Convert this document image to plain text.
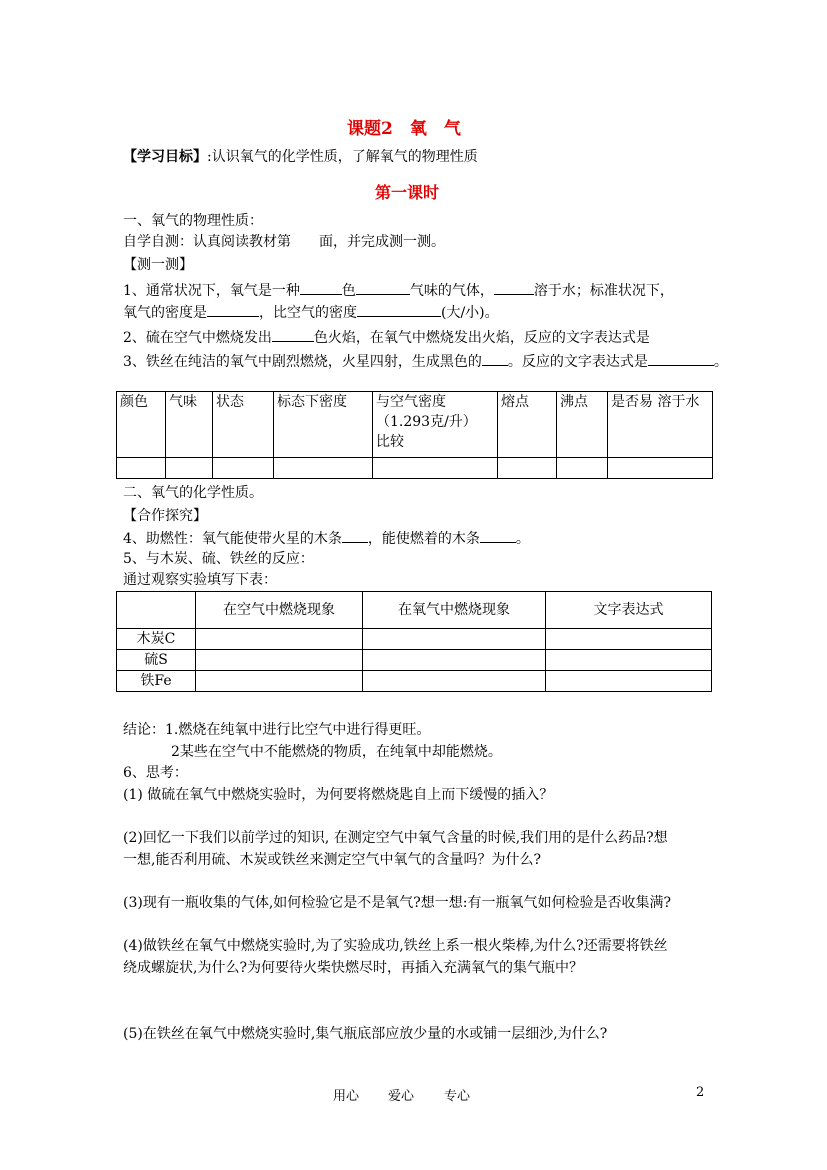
课题2　氧　气
【学习目标】:认识氧气的化学性质，了解氧气的物理性质
第一课时
一、氧气的物理性质：
自学自测：认真阅读教材第　　面，并完成测一测。
【测一测】
1、通常状况下，氧气是一种	色	气味的气体，	溶于水；标准状况下，
氧气的密度是	，比空气的密度	(大/小)。
2、硫在空气中燃烧发出	色火焰，在氧气中燃烧发出火焰，反应的文字表达式是
3、铁丝在纯洁的氧气中剧烈燃烧，火星四射，生成黑色的 。反应的文字表达式是	。
颜色	气味	状态	标态下密度	与空气密度
（1.293克/升）
比较	熔点	沸点	是否易 溶于水

二、氧气的化学性质。
【合作探究】
4、助燃性：氧气能使带火星的木条 ，能使燃着的木条	。
5、与木炭、硫、铁丝的反应：
通过观察实验填写下表：
	在空气中燃烧现象	在氧气中燃烧现象	文字表达式
木炭C			
硫S			
铁Fe			
结论：1.燃烧在纯氧中进行比空气中进行得更旺。
2某些在空气中不能燃烧的物质，在纯氧中却能燃烧。
6、思考：
(1) 做硫在氧气中燃烧实验时，为何要将燃烧匙自上而下缓慢的插入？
(2)回忆一下我们以前学过的知识, 在测定空气中氧气含量的时候,我们用的是什么药品?想
一想,能否利用硫、木炭或铁丝来测定空气中氧气的含量吗？为什么?
(3)现有一瓶收集的气体,如何检验它是不是氧气?想一想:有一瓶氧气如何检验是否收集满?
(4)做铁丝在氧气中燃烧实验时,为了实验成功,铁丝上系一根火柴棒,为什么?还需要将铁丝
绕成螺旋状,为什么?为何要待火柴快燃尽时，再插入充满氧气的集气瓶中？
(5)在铁丝在氧气中燃烧实验时,集气瓶底部应放少量的水或铺一层细沙,为什么?
用心 爱心 专心	2
